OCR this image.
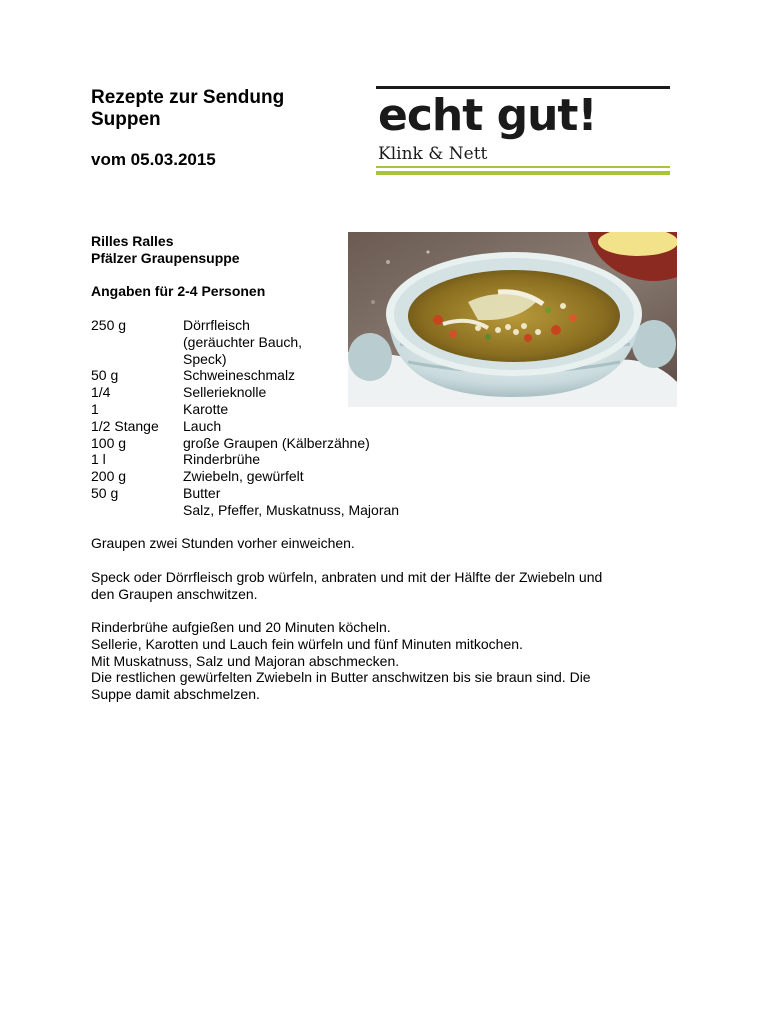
Rezepte zur Sendung
Suppen
vom 05.03.2015
echt gut!
Klink & Nett
Rilles Ralles
Pfälzer Graupensuppe
Angaben für 2-4 Personen
250 g	Dörrfleisch
(geräuchter Bauch,
Speck)
50 g	Schweineschmalz
1/4	Sellerieknolle
1	Karotte
1/2 Stange	Lauch
100 g	große Graupen (Kälberzähne)
1 l	Rinderbrühe
200 g	Zwiebeln, gewürfelt
50 g	Butter
	Salz, Pfeffer, Muskatnuss, Majoran
Graupen zwei Stunden vorher einweichen.
Speck oder Dörrfleisch grob würfeln, anbraten und mit der Hälfte der Zwiebeln und
den Graupen anschwitzen.
Rinderbrühe aufgießen und 20 Minuten köcheln.
Sellerie, Karotten und Lauch fein würfeln und fünf Minuten mitkochen.
Mit Muskatnuss, Salz und Majoran abschmecken.
Die restlichen gewürfelten Zwiebeln in Butter anschwitzen bis sie braun sind. Die
Suppe damit abschmelzen.
